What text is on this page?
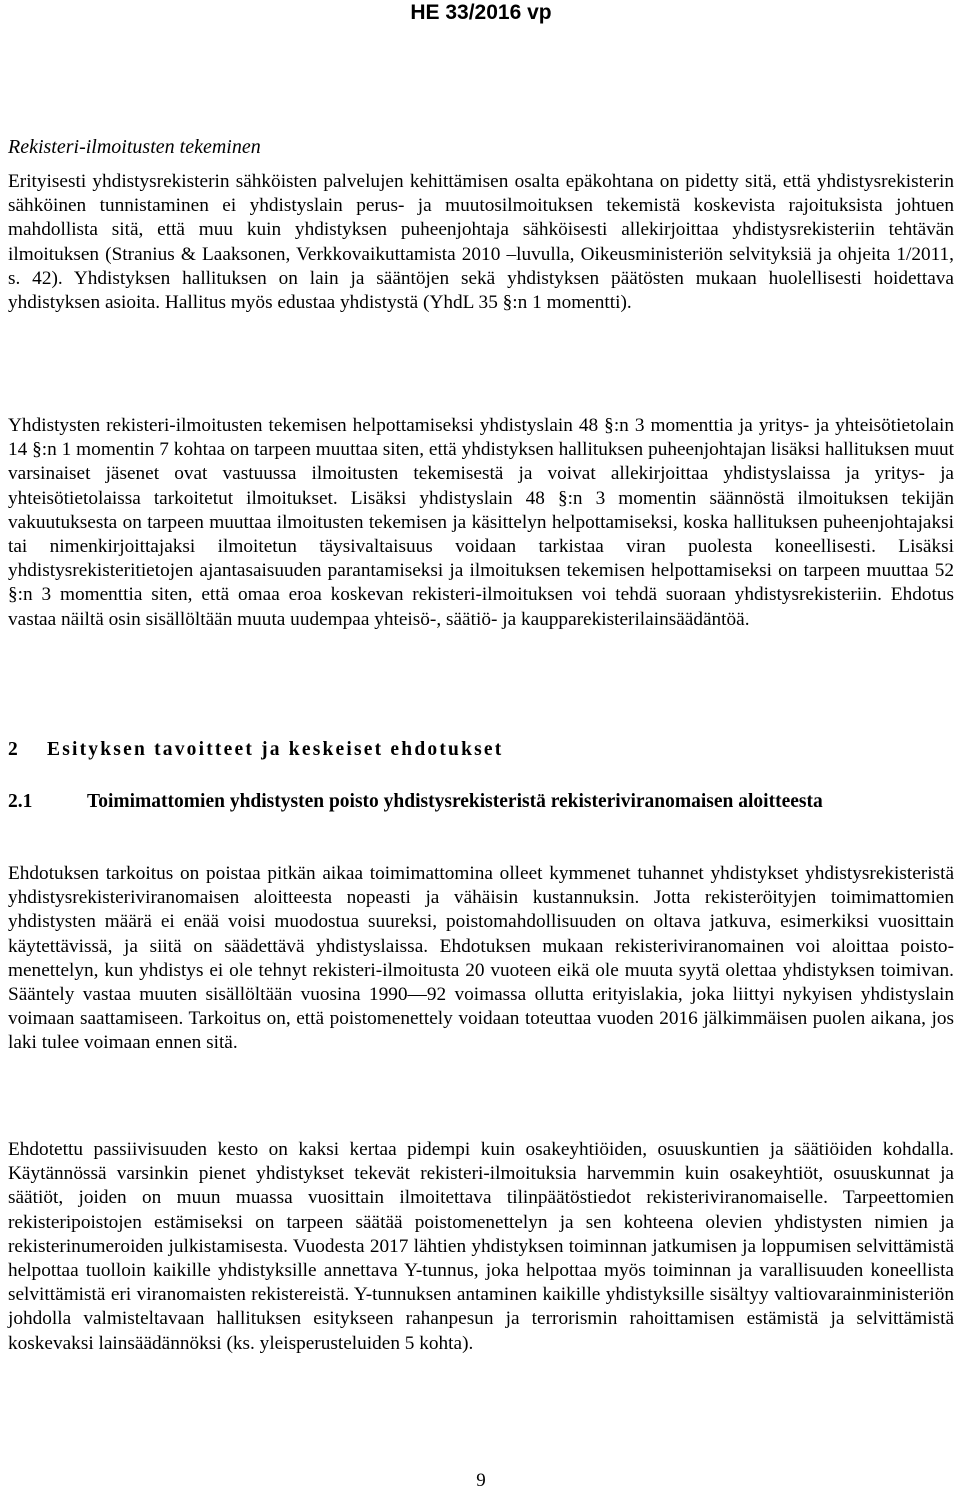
HE 33/2016 vp
Rekisteri-ilmoitusten tekeminen

Erityisesti yhdistysrekisterin sähköisten palvelujen kehittämisen osalta epäkohtana on pidetty sitä, että yhdistysrekisterin sähköinen tunnistaminen ei yhdistyslain perus- ja muutosilmoituksen tekemistä koskevista rajoituksista johtuen mahdollista sitä, että muu kuin yhdistyksen puheenjohtaja sähköisesti allekirjoittaa yhdistysrekisteriin tehtävän ilmoituksen (Stranius & Laaksonen, Verkkovaikuttamista 2010 –luvulla, Oikeusministeriön selvityksiä ja ohjeita 1/2011, s. 42). Yhdistyksen hallituksen on lain ja sääntöjen sekä yhdistyksen päätösten mukaan huolellisesti hoidettava yhdistyksen asioita. Hallitus myös edustaa yhdistystä (YhdL 35 §:n 1 momentti).

Yhdistysten rekisteri-ilmoitusten tekemisen helpottamiseksi yhdistyslain 48 §:n 3 momenttia ja yritys- ja yhteisötietolain 14 §:n 1 momentin 7 kohtaa on tarpeen muuttaa siten, että yhdistyksen hallituksen puheenjohtajan lisäksi hallituksen muut varsinaiset jäsenet ovat vastuussa ilmoitusten tekemisestä ja voivat allekirjoittaa yhdistyslaissa ja yritys- ja yhteisötietolaissa tarkoitetut ilmoitukset. Lisäksi yhdistyslain 48 §:n 3 momentin säännöstä ilmoituksen tekijän vakuutuksesta on tarpeen muuttaa ilmoitusten tekemisen ja käsittelyn helpottamiseksi, koska hallituksen puheenjohtajaksi tai nimenkirjoittajaksi ilmoitetun täysivaltaisuus voidaan tarkistaa viran puolesta koneellisesti. Lisäksi yhdistysrekisteritietojen ajantasaisuuden parantamiseksi ja ilmoituksen tekemisen helpottamiseksi on tarpeen muuttaa 52 §:n 3 momenttia siten, että omaa eroa koskevan rekisteri-ilmoituksen voi tehdä suoraan yhdistysrekisteriin. Ehdotus vastaa näiltä osin sisällöltään muuta uudempaa yhteisö-, säätiö- ja kaupparekisterilainsäädäntöä.

2 Esityksen tavoitteet ja keskeiset ehdotukset
2.1	Toimimattomien yhdistysten poisto yhdistysrekisteristä rekisteriviranomaisen aloitteesta

Ehdotuksen tarkoitus on poistaa pitkän aikaa toimimattomina olleet kymmenet tuhannet yhdistykset yhdistysrekisteristä yhdistysrekisteriviranomaisen aloitteesta nopeasti ja vähäisin kustannuksin. Jotta rekisteröityjen toimimattomien yhdistysten määrä ei enää voisi muodostua suureksi, poistomahdollisuuden on oltava jatkuva, esimerkiksi vuosittain käytettävissä, ja siitä on säädettävä yhdistyslaissa. Ehdotuksen mukaan rekisteriviranomainen voi aloittaa poistomenettelyn, kun yhdistys ei ole tehnyt rekisteri-ilmoitusta 20 vuoteen eikä ole muuta syytä olettaa yhdistyksen toimivan. Sääntely vastaa muuten sisällöltään vuosina 1990—92 voimassa ollutta erityislakia, joka liittyi nykyisen yhdistyslain voimaan saattamiseen. Tarkoitus on, että poistomenettely voidaan toteuttaa vuoden 2016 jälkimmäisen puolen aikana, jos laki tulee voimaan ennen sitä.

Ehdotettu passiivisuuden kesto on kaksi kertaa pidempi kuin osakeyhtiöiden, osuuskuntien ja säätiöiden kohdalla. Käytännössä varsinkin pienet yhdistykset tekevät rekisteri-ilmoituksia harvemmin kuin osakeyhtiöt, osuuskunnat ja säätiöt, joiden on muun muassa vuosittain ilmoitettava tilinpäätöstiedot rekisteriviranomaiselle. Tarpeettomien rekisteripoistojen estämiseksi on tarpeen säätää poistomenettelyn ja sen kohteena olevien yhdistysten nimien ja rekisterinumeroiden julkistamisesta. Vuodesta 2017 lähtien yhdistyksen toiminnan jatkumisen ja loppumisen selvittämistä helpottaa tuolloin kaikille yhdistyksille annettava Y-tunnus, joka helpottaa myös toiminnan ja varallisuuden koneellista selvittämistä eri viranomaisten rekistereistä. Y-tunnuksen antaminen kaikille yhdistyksille sisältyy valtiovarainministeriön johdolla valmisteltavaan hallituksen esitykseen rahanpesun ja terrorismin rahoittamisen estämistä ja selvittämistä koskevaksi lainsäädännöksi (ks. yleisperusteluiden 5 kohta).

9
